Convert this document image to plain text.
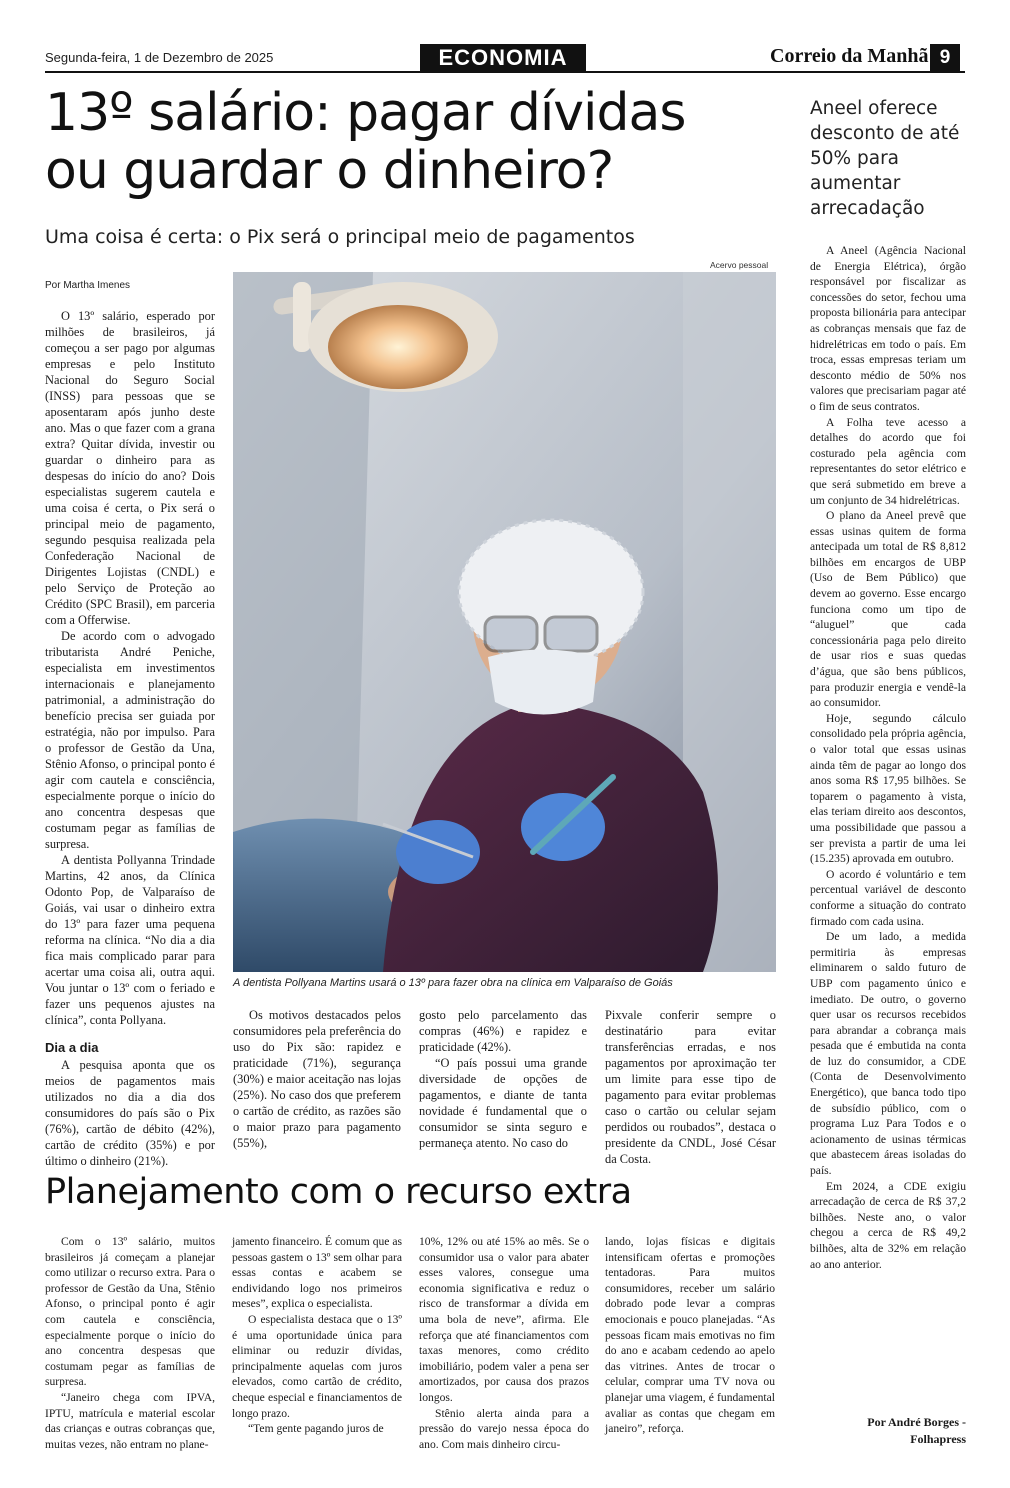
Segunda-feira, 1 de Dezembro de 2025	ECONOMIA	Correio da Manhã 9
13º salário: pagar dívidas
ou guardar o dinheiro?
Uma coisa é certa: o Pix será o principal meio de pagamentos
Por Martha Imenes

O 13º salário, esperado por milhões de brasileiros, já começou a ser pago por algumas empresas e pelo Instituto Nacional do Seguro Social (INSS) para pessoas que se aposentaram após junho deste ano. Mas o que fazer com a grana extra? Quitar dívida, investir ou guardar o dinheiro para as despesas do início do ano? Dois especialistas sugerem cautela e uma coisa é certa, o Pix será o principal meio de pagamento, segundo pesquisa realizada pela Confederação Nacional de Dirigentes Lojistas (CNDL) e pelo Serviço de Proteção ao Crédito (SPC Brasil), em parceria com a Offerwise.

De acordo com o advogado tributarista André Peniche, especialista em investimentos internacionais e planejamento patrimonial, a administração do benefício precisa ser guiada por estratégia, não por impulso. Para o professor de Gestão da Una, Stênio Afonso, o principal ponto é agir com cautela e consciência, especialmente porque o início do ano concentra despesas que costumam pegar as famílias de surpresa.

A dentista Pollyanna Trindade Martins, 42 anos, da Clínica Odonto Pop, de Valparaíso de Goiás, vai usar o dinheiro extra do 13º para fazer uma pequena reforma na clínica. “No dia a dia fica mais complicado parar para acertar uma coisa ali, outra aqui. Vou juntar o 13º com o feriado e fazer uns pequenos ajustes na clínica”, conta Pollyana.

Dia a dia

A pesquisa aponta que os meios de pagamentos mais utilizados no dia a dia dos consumidores do país são o Pix (76%), cartão de débito (42%), cartão de crédito (35%) e por último o dinheiro (21%).

Acervo pessoal
A dentista Pollyana Martins usará o 13º para fazer obra na clínica em Valparaíso de Goiás

Os motivos destacados pelos consumidores pela preferência do uso do Pix são: rapidez e praticidade (71%), segurança (30%) e maior aceitação nas lojas (25%). No caso dos que preferem o cartão de crédito, as razões são o maior prazo para pagamento (55%),

gosto pelo parcelamento das compras (46%) e rapidez e praticidade (42%).

“O país possui uma grande diversidade de opções de pagamentos, e diante de tanta novidade é fundamental que o consumidor se sinta seguro e permaneça atento. No caso do

Pixvale conferir sempre o destinatário para evitar transferências erradas, e nos pagamentos por aproximação ter um limite para esse tipo de pagamento para evitar problemas caso o cartão ou celular sejam perdidos ou roubados”, destaca o presidente da CNDL, José César da Costa.

Aneel oferece desconto de até 50% para aumentar arrecadação

A Aneel (Agência Nacional de Energia Elétrica), órgão responsável por fiscalizar as concessões do setor, fechou uma proposta bilionária para antecipar as cobranças mensais que faz de hidrelétricas em todo o país. Em troca, essas empresas teriam um desconto médio de 50% nos valores que precisariam pagar até o fim de seus contratos.

A Folha teve acesso a detalhes do acordo que foi costurado pela agência com representantes do setor elétrico e que será submetido em breve a um conjunto de 34 hidrelétricas.

O plano da Aneel prevê que essas usinas quitem de forma antecipada um total de R$ 8,812 bilhões em encargos de UBP (Uso de Bem Público) que devem ao governo. Esse encargo funciona como um tipo de “aluguel” que cada concessionária paga pelo direito de usar rios e suas quedas d’água, que são bens públicos, para produzir energia e vendê-la ao consumidor.

Hoje, segundo cálculo consolidado pela própria agência, o valor total que essas usinas ainda têm de pagar ao longo dos anos soma R$ 17,95 bilhões. Se toparem o pagamento à vista, elas teriam direito aos descontos, uma possibilidade que passou a ser prevista a partir de uma lei (15.235) aprovada em outubro.

O acordo é voluntário e tem percentual variável de desconto conforme a situação do contrato firmado com cada usina.

De um lado, a medida permitiria às empresas eliminarem o saldo futuro de UBP com pagamento único e imediato. De outro, o governo quer usar os recursos recebidos para abrandar a cobrança mais pesada que é embutida na conta de luz do consumidor, a CDE (Conta de Desenvolvimento Energético), que banca todo tipo de subsídio público, com o programa Luz Para Todos e o acionamento de usinas térmicas que abastecem áreas isoladas do país.

Em 2024, a CDE exigiu arrecadação de cerca de R$ 37,2 bilhões. Neste ano, o valor chegou a cerca de R$ 49,2 bilhões, alta de 32% em relação ao ano anterior.

Por André Borges -
Folhapress
Planejamento com o recurso extra

Com o 13º salário, muitos brasileiros já começam a planejar como utilizar o recurso extra. Para o professor de Gestão da Una, Stênio Afonso, o principal ponto é agir com cautela e consciência, especialmente porque o início do ano concentra despesas que costumam pegar as famílias de surpresa.

“Janeiro chega com IPVA, IPTU, matrícula e material escolar das crianças e outras cobranças que, muitas vezes, não entram no plane-

jamento financeiro. É comum que as pessoas gastem o 13º sem olhar para essas contas e acabem se endividando logo nos primeiros meses”, explica o especialista.

O especialista destaca que o 13º é uma oportunidade única para eliminar ou reduzir dívidas, principalmente aquelas com juros elevados, como cartão de crédito, cheque especial e financiamentos de longo prazo.

“Tem gente pagando juros de

10%, 12% ou até 15% ao mês. Se o consumidor usa o valor para abater esses valores, consegue uma economia significativa e reduz o risco de transformar a dívida em uma bola de neve”, afirma. Ele reforça que até financiamentos com taxas menores, como crédito imobiliário, podem valer a pena ser amortizados, por causa dos prazos longos.

Stênio alerta ainda para a pressão do varejo nessa época do ano. Com mais dinheiro circu-

lando, lojas físicas e digitais intensificam ofertas e promoções tentadoras. Para muitos consumidores, receber um salário dobrado pode levar a compras emocionais e pouco planejadas. “As pessoas ficam mais emotivas no fim do ano e acabam cedendo ao apelo das vitrines. Antes de trocar o celular, comprar uma TV nova ou planejar uma viagem, é fundamental avaliar as contas que chegam em janeiro”, reforça.
